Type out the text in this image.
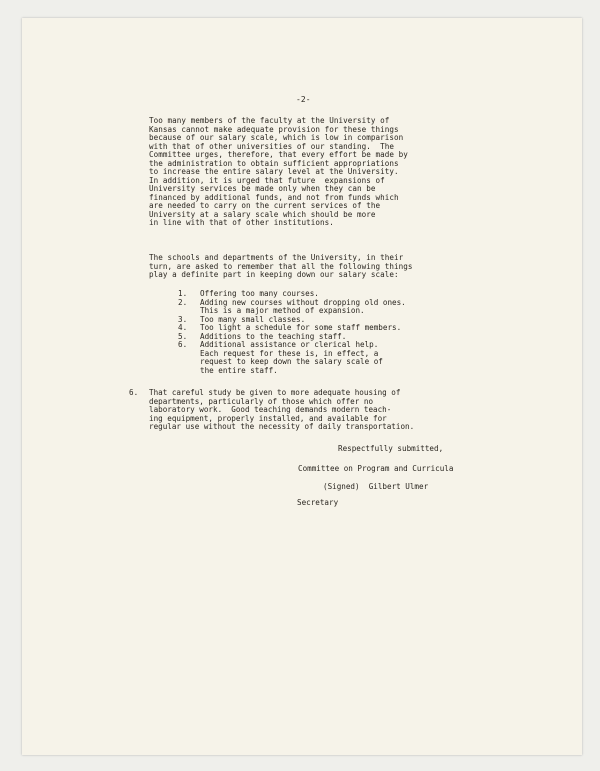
-2-
Too many members of the faculty at the University of
Kansas cannot make adequate provision for these things
because of our salary scale, which is low in comparison
with that of other universities of our standing.  The
Committee urges, therefore, that every effort be made by
the administration to obtain sufficient appropriations
to increase the entire salary level at the University.
In addition, it is urged that future  expansions of
University services be made only when they can be
financed by additional funds, and not from funds which
are needed to carry on the current services of the
University at a salary scale which should be more
in line with that of other institutions.
The schools and departments of the University, in their
turn, are asked to remember that all the following things
play a definite part in keeping down our salary scale:
1.	Offering too many courses.
2.	Adding new courses without dropping old ones.
This is a major method of expansion.
3.	Too many small classes.
4.	Too light a schedule for some staff members.
5.	Additions to the teaching staff.
6.	Additional assistance or clerical help.
Each request for these is, in effect, a
request to keep down the salary scale of
the entire staff.
6.	That careful study be given to more adequate housing of
departments, particularly of those which offer no
laboratory work.  Good teaching demands modern teach-
ing equipment, properly installed, and available for
regular use without the necessity of daily transportation.
Respectfully submitted,
Committee on Program and Curricula
(Signed)  Gilbert Ulmer
Secretary
